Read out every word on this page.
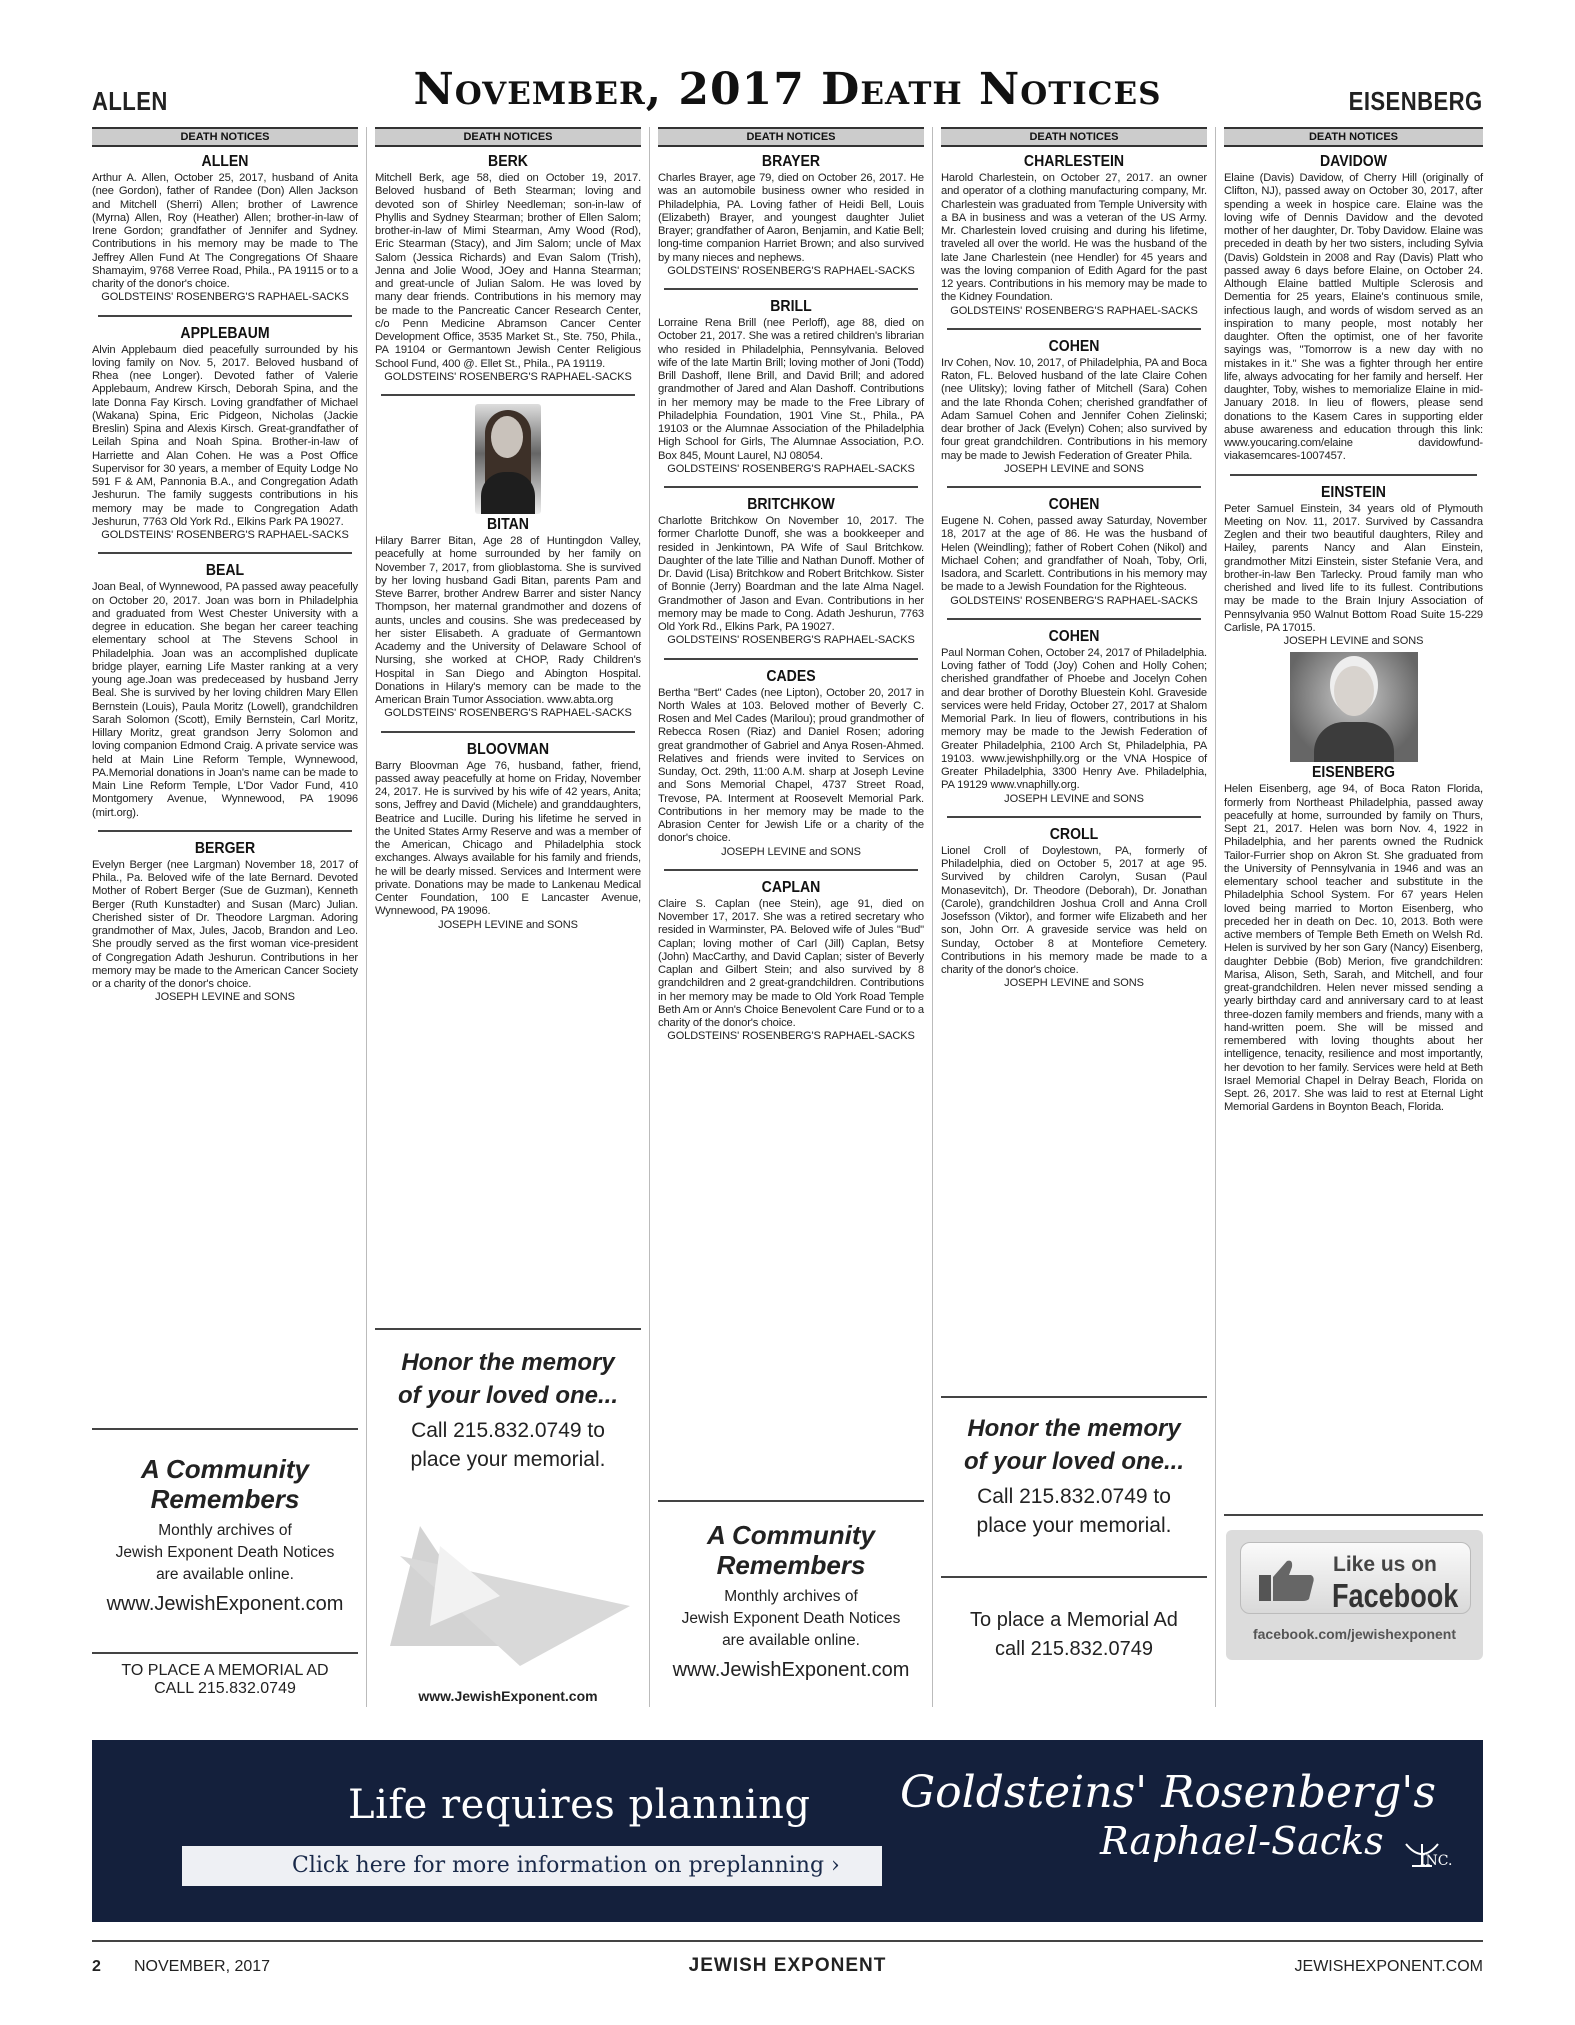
ALLEN	November, 2017 Death Notices	EISENBERG
DEATH NOTICES
ALLEN

Arthur A. Allen, October 25, 2017, husband of Anita (nee Gordon), father of Randee (Don) Allen Jackson and Mitchell (Sherri) Allen; brother of Lawrence (Myrna) Allen, Roy (Heather) Allen; brother-in-law of Irene Gordon; grandfather of Jennifer and Sydney. Contributions in his memory may be made to The Jeffrey Allen Fund At The Congregations Of Shaare Shamayim, 9768 Verree Road, Phila., PA 19115 or to a charity of the donor's choice.

GOLDSTEINS' ROSENBERG'S RAPHAEL-SACKS

APPLEBAUM

Alvin Applebaum died peacefully surrounded by his loving family on Nov. 5, 2017. Beloved husband of Rhea (nee Longer). Devoted father of Valerie Applebaum, Andrew Kirsch, Deborah Spina, and the late Donna Fay Kirsch. Loving grandfather of Michael (Wakana) Spina, Eric Pidgeon, Nicholas (Jackie Breslin) Spina and Alexis Kirsch. Great-grandfather of Leilah Spina and Noah Spina. Brother-in-law of Harriette and Alan Cohen. He was a Post Office Supervisor for 30 years, a member of Equity Lodge No 591 F & AM, Pannonia B.A., and Congregation Adath Jeshurun. The family suggests contributions in his memory may be made to Congregation Adath Jeshurun, 7763 Old York Rd., Elkins Park PA 19027.

GOLDSTEINS' ROSENBERG'S RAPHAEL-SACKS

BEAL

Joan Beal, of Wynnewood, PA passed away peacefully on October 20, 2017. Joan was born in Philadelphia and graduated from West Chester University with a degree in education. She began her career teaching elementary school at The Stevens School in Philadelphia. Joan was an accomplished duplicate bridge player, earning Life Master ranking at a very young age.Joan was predeceased by husband Jerry Beal. She is survived by her loving children Mary Ellen Bernstein (Louis), Paula Moritz (Lowell), grandchildren Sarah Solomon (Scott), Emily Bernstein, Carl Moritz, Hillary Moritz, great grandson Jerry Solomon and loving companion Edmond Craig. A private service was held at Main Line Reform Temple, Wynnewood, PA.Memorial donations in Joan's name can be made to Main Line Reform Temple, L'Dor Vador Fund, 410 Montgomery Avenue, Wynnewood, PA 19096 (mirt.org).

BERGER

Evelyn Berger (nee Largman) November 18, 2017 of Phila., Pa. Beloved wife of the late Bernard. Devoted Mother of Robert Berger (Sue de Guzman), Kenneth Berger (Ruth Kunstadter) and Susan (Marc) Julian. Cherished sister of Dr. Theodore Largman. Adoring grandmother of Max, Jules, Jacob, Brandon and Leo. She proudly served as the first woman vice-president of Congregation Adath Jeshurun. Contributions in her memory may be made to the American Cancer Society or a charity of the donor's choice.

JOSEPH LEVINE and SONS

A Community
Remembers
Monthly archives of
Jewish Exponent Death Notices
are available online.
www.JewishExponent.com
TO PLACE A MEMORIAL AD
CALL 215.832.0749
DEATH NOTICES
BERK

Mitchell Berk, age 58, died on October 19, 2017. Beloved husband of Beth Stearman; loving and devoted son of Shirley Needleman; son-in-law of Phyllis and Sydney Stearman; brother of Ellen Salom; brother-in-law of Mimi Stearman, Amy Wood (Rod), Eric Stearman (Stacy), and Jim Salom; uncle of Max Salom (Jessica Richards) and Evan Salom (Trish), Jenna and Jolie Wood, JOey and Hanna Stearman; and great-uncle of Julian Salom. He was loved by many dear friends. Contributions in his memory may be made to the Pancreatic Cancer Research Center, c/o Penn Medicine Abramson Cancer Center Development Office, 3535 Market St., Ste. 750, Phila., PA 19104 or Germantown Jewish Center Religious School Fund, 400 @. Ellet St., Phila., PA 19119.

GOLDSTEINS' ROSENBERG'S RAPHAEL-SACKS

BITAN

Hilary Barrer Bitan, Age 28 of Huntingdon Valley, peacefully at home surrounded by her family on November 7, 2017, from glioblastoma. She is survived by her loving husband Gadi Bitan, parents Pam and Steve Barrer, brother Andrew Barrer and sister Nancy Thompson, her maternal grandmother and dozens of aunts, uncles and cousins. She was predeceased by her sister Elisabeth. A graduate of Germantown Academy and the University of Delaware School of Nursing, she worked at CHOP, Rady Children's Hospital in San Diego and Abington Hospital. Donations in Hilary's memory can be made to the American Brain Tumor Association. www.abta.org

GOLDSTEINS' ROSENBERG'S RAPHAEL-SACKS

BLOOVMAN

Barry Bloovman Age 76, husband, father, friend, passed away peacefully at home on Friday, November 24, 2017. He is survived by his wife of 42 years, Anita; sons, Jeffrey and David (Michele) and granddaughters, Beatrice and Lucille. During his lifetime he served in the United States Army Reserve and was a member of the American, Chicago and Philadelphia stock exchanges. Always available for his family and friends, he will be dearly missed. Services and Interment were private. Donations may be made to Lankenau Medical Center Foundation, 100 E Lancaster Avenue, Wynnewood, PA 19096.

JOSEPH LEVINE and SONS

Honor the memory
of your loved one...
Call 215.832.0749 to
place your memorial.
www.JewishExponent.com
DEATH NOTICES
BRAYER

Charles Brayer, age 79, died on October 26, 2017. He was an automobile business owner who resided in Philadelphia, PA. Loving father of Heidi Bell, Louis (Elizabeth) Brayer, and youngest daughter Juliet Brayer; grandfather of Aaron, Benjamin, and Katie Bell; long-time companion Harriet Brown; and also survived by many nieces and nephews.

GOLDSTEINS' ROSENBERG'S RAPHAEL-SACKS

BRILL

Lorraine Rena Brill (nee Perloff), age 88, died on October 21, 2017. She was a retired children's librarian who resided in Philadelphia, Pennsylvania. Beloved wife of the late Martin Brill; loving mother of Joni (Todd) Brill Dashoff, Ilene Brill, and David Brill; and adored grandmother of Jared and Alan Dashoff. Contributions in her memory may be made to the Free Library of Philadelphia Foundation, 1901 Vine St., Phila., PA 19103 or the Alumnae Association of the Philadelphia High School for Girls, The Alumnae Association, P.O. Box 845, Mount Laurel, NJ 08054.

GOLDSTEINS' ROSENBERG'S RAPHAEL-SACKS

BRITCHKOW

Charlotte Britchkow On November 10, 2017. The former Charlotte Dunoff, she was a bookkeeper and resided in Jenkintown, PA Wife of Saul Britchkow. Daughter of the late Tillie and Nathan Dunoff. Mother of Dr. David (Lisa) Britchkow and Robert Britchkow. Sister of Bonnie (Jerry) Boardman and the late Alma Nagel. Grandmother of Jason and Evan. Contributions in her memory may be made to Cong. Adath Jeshurun, 7763 Old York Rd., Elkins Park, PA 19027.

GOLDSTEINS' ROSENBERG'S RAPHAEL-SACKS

CADES

Bertha "Bert" Cades (nee Lipton), October 20, 2017 in North Wales at 103. Beloved mother of Beverly C. Rosen and Mel Cades (Marilou); proud grandmother of Rebecca Rosen (Riaz) and Daniel Rosen; adoring great grandmother of Gabriel and Anya Rosen-Ahmed. Relatives and friends were invited to Services on Sunday, Oct. 29th, 11:00 A.M. sharp at Joseph Levine and Sons Memorial Chapel, 4737 Street Road, Trevose, PA. Interment at Roosevelt Memorial Park. Contributions in her memory may be made to the Abrasion Center for Jewish Life or a charity of the donor's choice.

JOSEPH LEVINE and SONS

CAPLAN

Claire S. Caplan (nee Stein), age 91, died on November 17, 2017. She was a retired secretary who resided in Warminster, PA. Beloved wife of Jules "Bud" Caplan; loving mother of Carl (Jill) Caplan, Betsy (John) MacCarthy, and David Caplan; sister of Beverly Caplan and Gilbert Stein; and also survived by 8 grandchildren and 2 great-grandchildren. Contributions in her memory may be made to Old York Road Temple Beth Am or Ann's Choice Benevolent Care Fund or to a charity of the donor's choice.

GOLDSTEINS' ROSENBERG'S RAPHAEL-SACKS

A Community
Remembers
Monthly archives of
Jewish Exponent Death Notices
are available online.
www.JewishExponent.com
DEATH NOTICES
CHARLESTEIN

Harold Charlestein, on October 27, 2017. an owner and operator of a clothing manufacturing company, Mr. Charlestein was graduated from Temple University with a BA in business and was a veteran of the US Army. Mr. Charlestein loved cruising and during his lifetime, traveled all over the world. He was the husband of the late Jane Charlestein (nee Hendler) for 45 years and was the loving companion of Edith Agard for the past 12 years. Contributions in his memory may be made to the Kidney Foundation.

GOLDSTEINS' ROSENBERG'S RAPHAEL-SACKS

COHEN

Irv Cohen, Nov. 10, 2017, of Philadelphia, PA and Boca Raton, FL. Beloved husband of the late Claire Cohen (nee Ulitsky); loving father of Mitchell (Sara) Cohen and the late Rhonda Cohen; cherished grandfather of Adam Samuel Cohen and Jennifer Cohen Zielinski; dear brother of Jack (Evelyn) Cohen; also survived by four great grandchildren. Contributions in his memory may be made to Jewish Federation of Greater Phila.

JOSEPH LEVINE and SONS

COHEN

Eugene N. Cohen, passed away Saturday, November 18, 2017 at the age of 86. He was the husband of Helen (Weindling); father of Robert Cohen (Nikol) and Michael Cohen; and grandfather of Noah, Toby, Orli, Isadora, and Scarlett. Contributions in his memory may be made to a Jewish Foundation for the Righteous.

GOLDSTEINS' ROSENBERG'S RAPHAEL-SACKS

COHEN

Paul Norman Cohen, October 24, 2017 of Philadelphia. Loving father of Todd (Joy) Cohen and Holly Cohen; cherished grandfather of Phoebe and Jocelyn Cohen and dear brother of Dorothy Bluestein Kohl. Graveside services were held Friday, October 27, 2017 at Shalom Memorial Park. In lieu of flowers, contributions in his memory may be made to the Jewish Federation of Greater Philadelphia, 2100 Arch St, Philadelphia, PA 19103. www.jewishphilly.org or the VNA Hospice of Greater Philadelphia, 3300 Henry Ave. Philadelphia, PA 19129 www.vnaphilly.org.

JOSEPH LEVINE and SONS

CROLL

Lionel Croll of Doylestown, PA, formerly of Philadelphia, died on October 5, 2017 at age 95. Survived by children Carolyn, Susan (Paul Monasevitch), Dr. Theodore (Deborah), Dr. Jonathan (Carole), grandchildren Joshua Croll and Anna Croll Josefsson (Viktor), and former wife Elizabeth and her son, John Orr. A graveside service was held on Sunday, October 8 at Montefiore Cemetery. Contributions in his memory made be made to a charity of the donor's choice.

JOSEPH LEVINE and SONS

Honor the memory
of your loved one...
Call 215.832.0749 to
place your memorial.
To place a Memorial Ad
call 215.832.0749
DEATH NOTICES
DAVIDOW

Elaine (Davis) Davidow, of Cherry Hill (originally of Clifton, NJ), passed away on October 30, 2017, after spending a week in hospice care. Elaine was the loving wife of Dennis Davidow and the devoted mother of her daughter, Dr. Toby Davidow. Elaine was preceded in death by her two sisters, including Sylvia (Davis) Goldstein in 2008 and Ray (Davis) Platt who passed away 6 days before Elaine, on October 24. Although Elaine battled Multiple Sclerosis and Dementia for 25 years, Elaine's continuous smile, infectious laugh, and words of wisdom served as an inspiration to many people, most notably her daughter. Often the optimist, one of her favorite sayings was, "Tomorrow is a new day with no mistakes in it." She was a fighter through her entire life, always advocating for her family and herself. Her daughter, Toby, wishes to memorialize Elaine in mid-January 2018. In lieu of flowers, please send donations to the Kasem Cares in supporting elder abuse awareness and education through this link: www.youcaring.com/elaine davidowfund-viakasemcares-1007457.

EINSTEIN

Peter Samuel Einstein, 34 years old of Plymouth Meeting on Nov. 11, 2017. Survived by Cassandra Zeglen and their two beautiful daughters, Riley and Hailey, parents Nancy and Alan Einstein, grandmother Mitzi Einstein, sister Stefanie Vera, and brother-in-law Ben Tarlecky. Proud family man who cherished and lived life to its fullest. Contributions may be made to the Brain Injury Association of Pennsylvania 950 Walnut Bottom Road Suite 15-229 Carlisle, PA 17015.

JOSEPH LEVINE and SONS

EISENBERG

Helen Eisenberg, age 94, of Boca Raton Florida, formerly from Northeast Philadelphia, passed away peacefully at home, surrounded by family on Thurs, Sept 21, 2017. Helen was born Nov. 4, 1922 in Philadelphia, and her parents owned the Rudnick Tailor-Furrier shop on Akron St. She graduated from the University of Pennsylvania in 1946 and was an elementary school teacher and substitute in the Philadelphia School System. For 67 years Helen loved being married to Morton Eisenberg, who preceded her in death on Dec. 10, 2013. Both were active members of Temple Beth Emeth on Welsh Rd. Helen is survived by her son Gary (Nancy) Eisenberg, daughter Debbie (Bob) Merion, five grandchildren: Marisa, Alison, Seth, Sarah, and Mitchell, and four great-grandchildren. Helen never missed sending a yearly birthday card and anniversary card to at least three-dozen family members and friends, many with a hand-written poem. She will be missed and remembered with loving thoughts about her intelligence, tenacity, resilience and most importantly, her devotion to her family. Services were held at Beth Israel Memorial Chapel in Delray Beach, Florida on Sept. 26, 2017. She was laid to rest at Eternal Light Memorial Gardens in Boynton Beach, Florida.

Like us on
Facebook
facebook.com/jewishexponent
Life requires planning
Click here for more information on preplanning ›
Goldsteins' Rosenberg's
Raphael-Sacks	INC.
2 NOVEMBER, 2017	JEWISH EXPONENT	JEWISHEXPONENT.COM
